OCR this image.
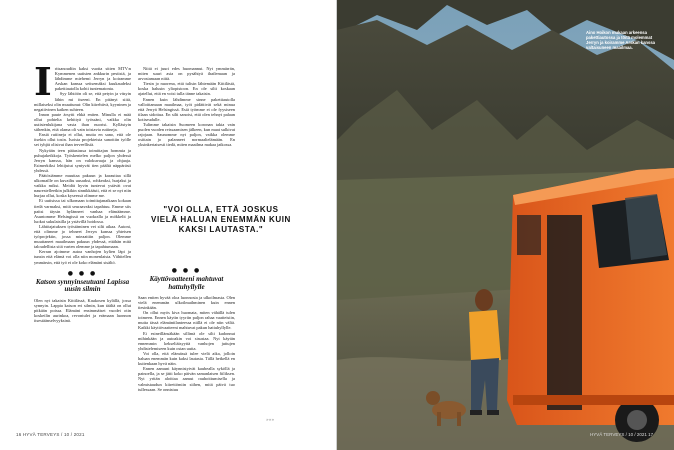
I ritsanoudiin kaksi vuotta sitten MTV:n Kymmenen uutisten ankkurin pestistä, ja lähdimme miehemi Jerryn ja koiramme Arskan kanssa seitsemäksi kuukaudeksi pakettiautolla kohti tuntematonta.

Syy lähtöön oli se, että petyin ja väsyin lähin mi itseeni. En pitänyt siitä, millaiseksi olin muuttunut: Olin kiirehtivä, kyyninen ja negatiivinen kaiken suhteen.

Innon paute ärsytti ehkä eniten. Minulla ei mää ollut pohtelta kehittyä työssäni, vaikka olin uutistenlukijana vasta ihan nuorisi. Kyllästyin siihenkin, että olama oli vain toistavia rutiineja.

Ensiä rutiineja ei ollut, mutta en sano, että ole itsekin ollut tosin. Isoista projekteista sanottiin työlle set tyhjät olisivat ihan terveellisiä.

Nykyään teen pääasiassa toimittajan hommia ja puhujakeikkoja. Työskentelen melko paljon yhdessä Jerryn kanssa, hän on valokuvaaja ja ohjaaja. Esimerkiksi lehtijutut syntyvät tien päältä näppärästi yhdessä.

Päätösiämme muuttaa pakuun ja karauttaa sillä ulkomaille on kuvailtu uusarksi, rohkeaksi, hurjaksi ja vaikka miksi. Meidät hyvin tuntevat ystävät ovat naurestelleetkin julkikin sinnikkäästi, että ei se nyt niin hurjaa ollut, koska kyseessä olimme me.

Ei uutisissa tai ulkomaan toimittajanaikaan kokaan tiedä varmaksi, mitä seuraavaksi tapahtuu. Emme siis paitsi täysin hylänneet vanhaa elämäämme. Asuntomme Helsingissä on vuokralla ja mökkelit ja luokat sukulaisilla ja ystävillä hoidossa.

Lähtöajatuksen työstäminen vei silti aikaa. Autoni, että olimme jo tehneet Jerryn kanssa yhteisen työprojektin, jossa mieaattiin paljon. Olemme muuttaneet maailmaan pakuun yhdessä, ettähän mitä taloudellista sitä varten olemme ja tapahtumaan.

Kerran ajoimme autoa vanhojen kylien läpi ja tunsin että elämä voi olla niin monenlaista. Vähitellen ymmärsin, että työ ei ole koko elämäni sisältö.

● ● ●
Katson synnyinseutuani Lapissa uusin silmin

Olen nyt takaisin Kittilässä, Kaukosen kylällä, jossa synnyin. Lappia katson eri silmin, kun täältä on ollut pitkään poissa. Elämäni ensimmäiset vuodet otin koskeilin aurinkoa, revontulet ja erämaan luonnon itsestäänselvyyksinä.

Niitä ei juuri edes huomannut. Nyt ymmärrän, miten suuri asia on pysähtyä ihailemaan ja arvostamaan niitä.

Tiesin jo nuorena, että tulisin lähtemään Kittilästä, koska halusin yliopistoon. En ole silti koskaan ajatellut, että en voisi tulla tänne takaisin.

Ennen kuin lähdimme sinne pakettiautolla valloittamaan maailmaa, työt pidättivät sekä minua että Jerryä Helsingissä. Esiä työmme ei ole fyysiseen tilaan sidottua. En silti sanoisi, että olen tehnyt palaan kotiseudulle.

Tulimme takaisin Suomeen koronan takia vain puolen vuoden reissaamisen jälkeen, kun maat sulkivat rajojaan. Saunomme nyt paljon, vaikka olemme osittain jo palanneet normaalielämään. En yksinkertaisesti tiedä, miten maailma makaa jatkossa.

"VOI OLLA, ETTÄ JOSKUS VIELÄ HALUAN ENEMMÄN KUIN KAKSI LAUTASTA."
● ● ●
Käyttövaatteeni mahtuvat hattuhyllylle

Saan eniten hyvää oloa luonnosta ja ulkoilmasta. Olen vielä enemmän ulkoilmaihminen kuin ennen tiesinkään.

On ollut myös kiva huomata, miten vähällä tulen toimeen. Ennen käytin tyyriin paljon rahaa vaatteisiin, mutta tässä elämäntilanteessa niillä ei ole niin väliä. Kaikki käyttövaatteeni mahtuvat pakun hattuhyllylle.

Ei esineillänsäkään sillimä ole silti kadonnut mihinkään ja autoakin voi sisustaa. Nyt käytän ennemmin kekseliäisyyttä vanhojen juttujen yhdistelemiseen kuin ostan uutta.

Voi olla, että elämässä tulee vielä aika, jolloin haluan enemmän kuin kaksi lautasta. Tällä hetkellä en kuitenkaan hyvä näin.

Ennen aamuni käynnistyivät kaubealla syköllä ja painoella, ja se jätti koko päivän samanlaisen fiiliksen. Nyt yritän aloittaa aamut rauhoittumisella ja valmistaudun kiirettömiin siihen, mitä päivä tuo tullessaan. Se onnistuu

»»»
16 HYVÄ TERVEYS / 10 / 2021
Aino Hoikon mukaan arkeensa pakettiautossa ja töitä molemmat Jerryn ja koiramme Arskan kanssa valtaisuneen maailmaa.
HYVÄ TERVEYS / 10 / 2021 17
